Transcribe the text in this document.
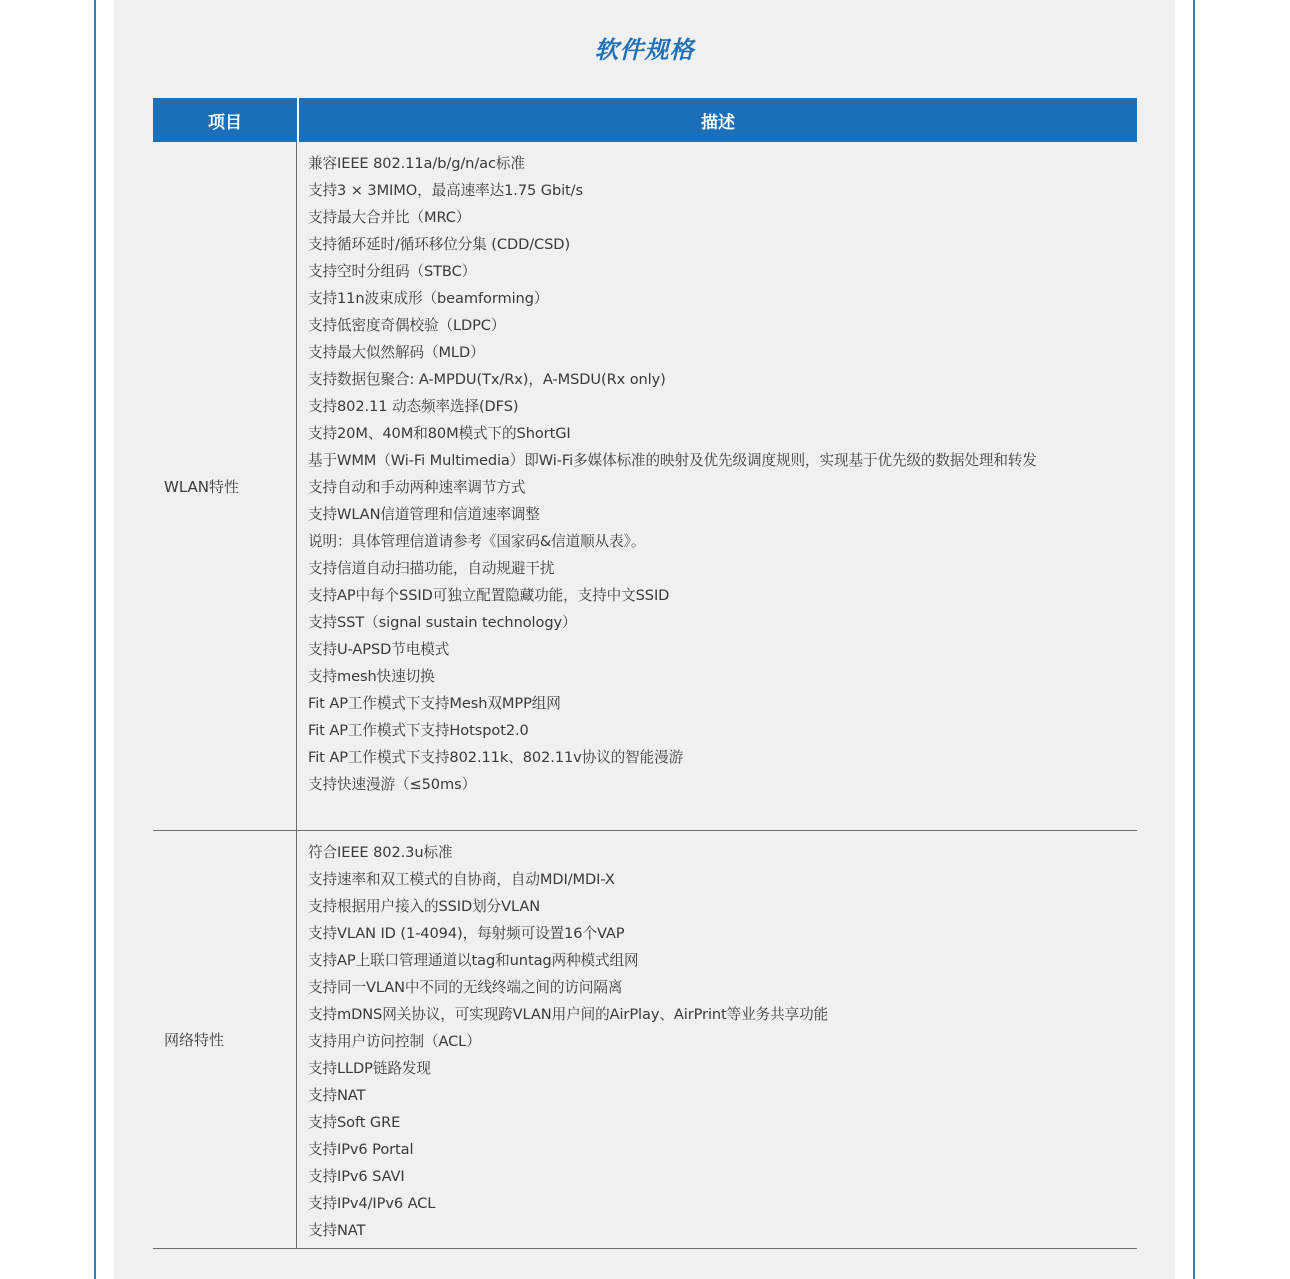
软件规格
项目	描述
WLAN特性
兼容IEEE 802.11a/b/g/n/ac标准
支持3 × 3MIMO，最高速率达1.75 Gbit/s
支持最大合并比（MRC）
支持循环延时/循环移位分集 (CDD/CSD)
支持空时分组码（STBC）
支持11n波束成形（beamforming）
支持低密度奇偶校验（LDPC）
支持最大似然解码（MLD）
支持数据包聚合: A-MPDU(Tx/Rx)，A-MSDU(Rx only)
支持802.11 动态频率选择(DFS)
支持20M、40M和80M模式下的ShortGI
基于WMM（Wi-Fi Multimedia）即Wi-Fi多媒体标准的映射及优先级调度规则，实现基于优先级的数据处理和转发
支持自动和手动两种速率调节方式
支持WLAN信道管理和信道速率调整
说明：具体管理信道请参考《国家码&信道顺从表》。
支持信道自动扫描功能，自动规避干扰
支持AP中每个SSID可独立配置隐藏功能，支持中文SSID
支持SST（signal sustain technology）
支持U-APSD节电模式
支持mesh快速切换
Fit AP工作模式下支持Mesh双MPP组网
Fit AP工作模式下支持Hotspot2.0
Fit AP工作模式下支持802.11k、802.11v协议的智能漫游
支持快速漫游（≤50ms）
网络特性
符合IEEE 802.3u标准
支持速率和双工模式的自协商，自动MDI/MDI-X
支持根据用户接入的SSID划分VLAN
支持VLAN ID (1-4094)，每射频可设置16个VAP
支持AP上联口管理通道以tag和untag两种模式组网
支持同一VLAN中不同的无线终端之间的访问隔离
支持mDNS网关协议，可实现跨VLAN用户间的AirPlay、AirPrint等业务共享功能
支持用户访问控制（ACL）
支持LLDP链路发现
支持NAT
支持Soft GRE
支持IPv6 Portal
支持IPv6 SAVI
支持IPv4/IPv6 ACL
支持NAT
